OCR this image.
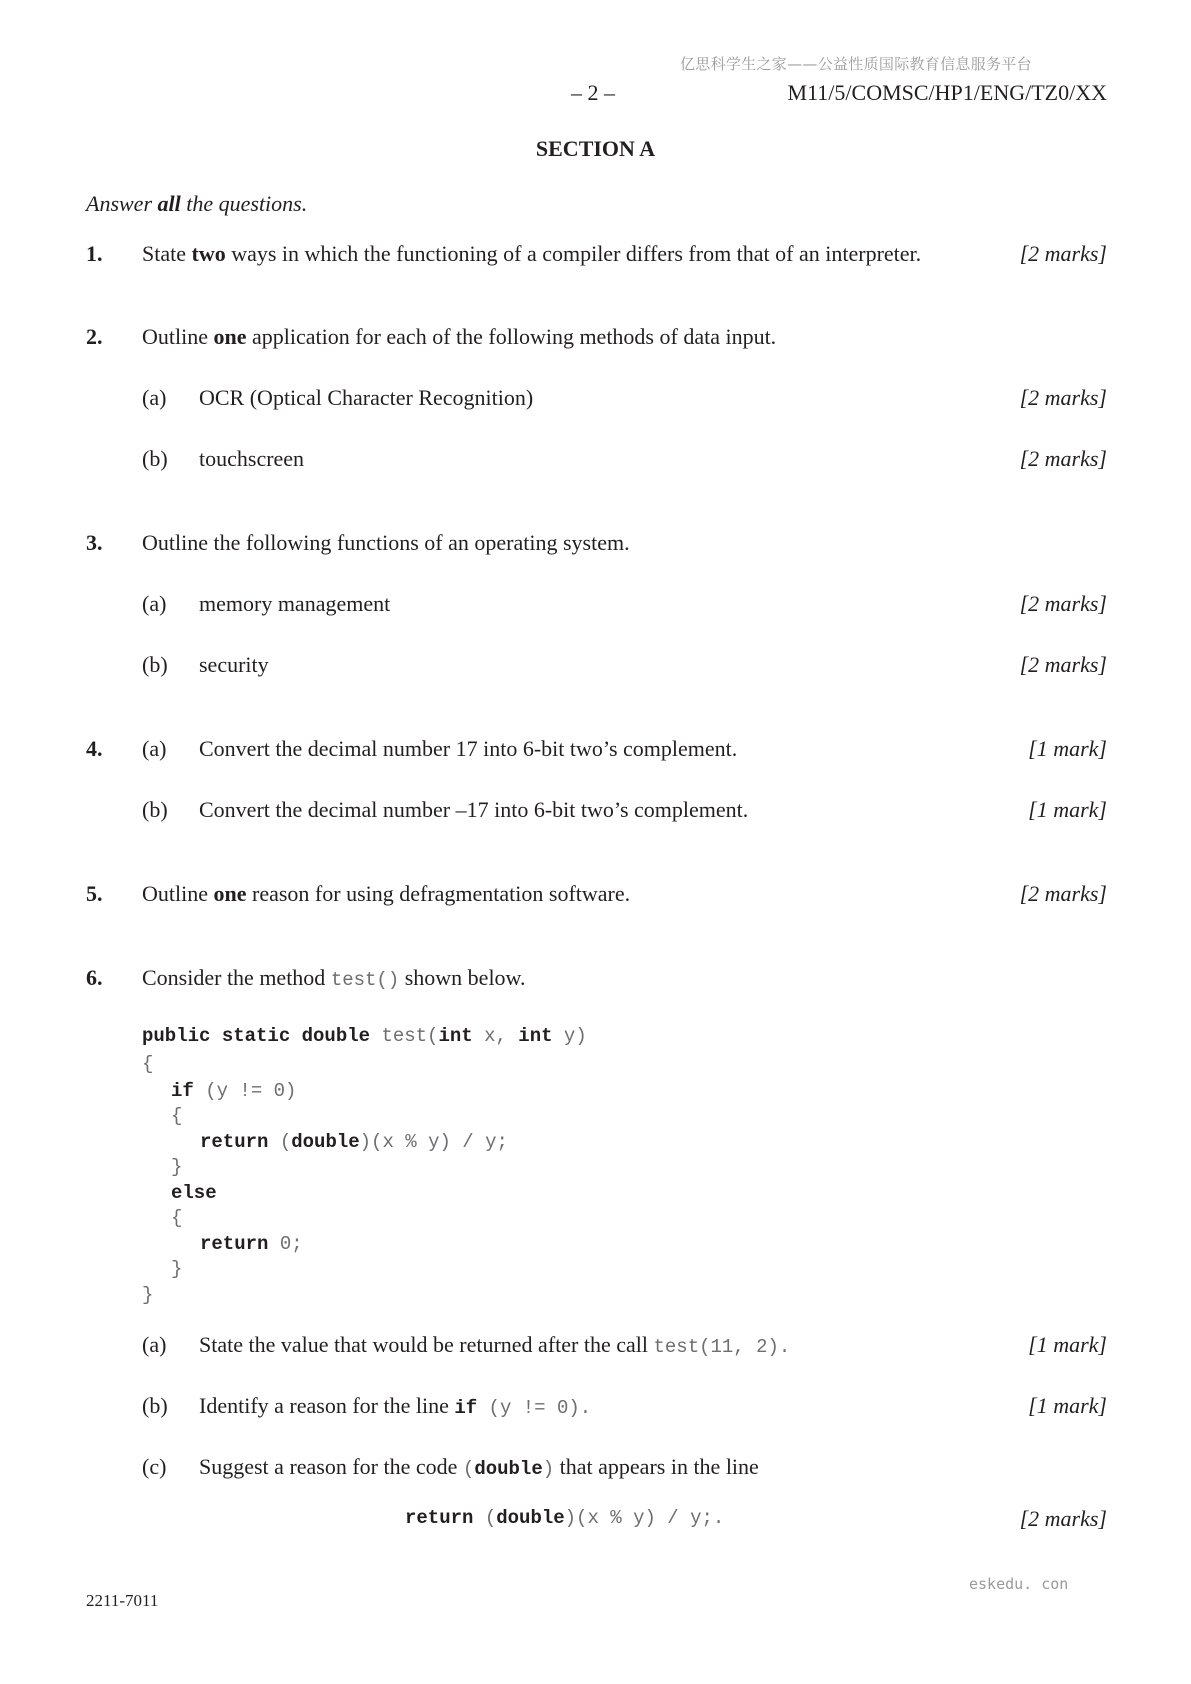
亿思科学生之家——公益性质国际教育信息服务平台
– 2 –	M11/5/COMSC/HP1/ENG/TZ0/XX
SECTION A
Answer all the questions.
1. State two ways in which the functioning of a compiler differs from that of an interpreter.	[2 marks]
2. Outline one application for each of the following methods of data input.
(a) OCR (Optical Character Recognition)	[2 marks]
(b) touchscreen	[2 marks]
3. Outline the following functions of an operating system.
(a) memory management	[2 marks]
(b) security	[2 marks]
4. (a) Convert the decimal number 17 into 6-bit two’s complement.	[1 mark]
(b) Convert the decimal number –17 into 6-bit two’s complement.	[1 mark]
5. Outline one reason for using defragmentation software.	[2 marks]
6. Consider the method test() shown below.
public static double test(int x, int y)
{
if (y != 0)
{
return (double)(x % y) / y;
}
else
{
return 0;
}
}
(a) State the value that would be returned after the call test(11, 2).	[1 mark]
(b) Identify a reason for the line if (y != 0).	[1 mark]
(c) Suggest a reason for the code (double) that appears in the line
return (double)(x % y) / y;.	[2 marks]
eskedu. con
2211-7011
